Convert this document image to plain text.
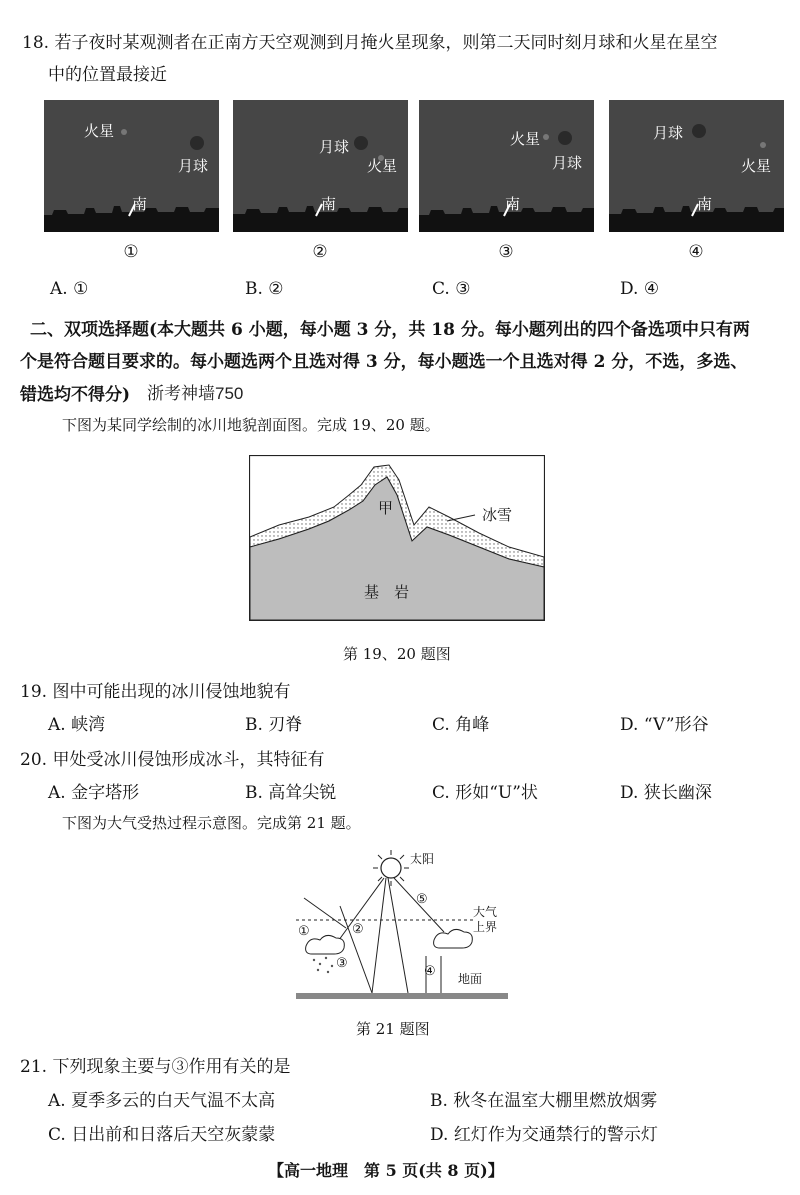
18. 若子夜时某观测者在正南方天空观测到月掩火星现象，则第二天同时刻月球和火星在星空
中的位置最接近
火星
月球
南
①
月球
火星
南
②
火星
月球
南
③
月球
火星
南
④
A. ①	B. ②	C. ③	D. ④
二、双项选择题(本大题共 6 小题，每小题 3 分，共 18 分。每小题列出的四个备选项中只有两
个是符合题目要求的。每小题选两个且选对得 3 分，每小题选一个且选对得 2 分，不选，多选、
错选均不得分) 浙考神墙750
下图为某同学绘制的冰川地貌剖面图。完成 19、20 题。
甲	冰雪
基　岩
第 19、20 题图
19. 图中可能出现的冰川侵蚀地貌有
A. 峡湾	B. 刃脊	C. 角峰	D. “V”形谷
20. 甲处受冰川侵蚀形成冰斗，其特征有
A. 金字塔形	B. 高耸尖锐	C. 形如“U”状	D. 狭长幽深
下图为大气受热过程示意图。完成第 21 题。
太阳
大气
上界
地面
①	②
③
④
⑤
第 21 题图
21. 下列现象主要与③作用有关的是
A. 夏季多云的白天气温不太高	B. 秋冬在温室大棚里燃放烟雾
C. 日出前和日落后天空灰蒙蒙	D. 红灯作为交通禁行的警示灯
【高一地理　第 5 页(共 8 页)】
